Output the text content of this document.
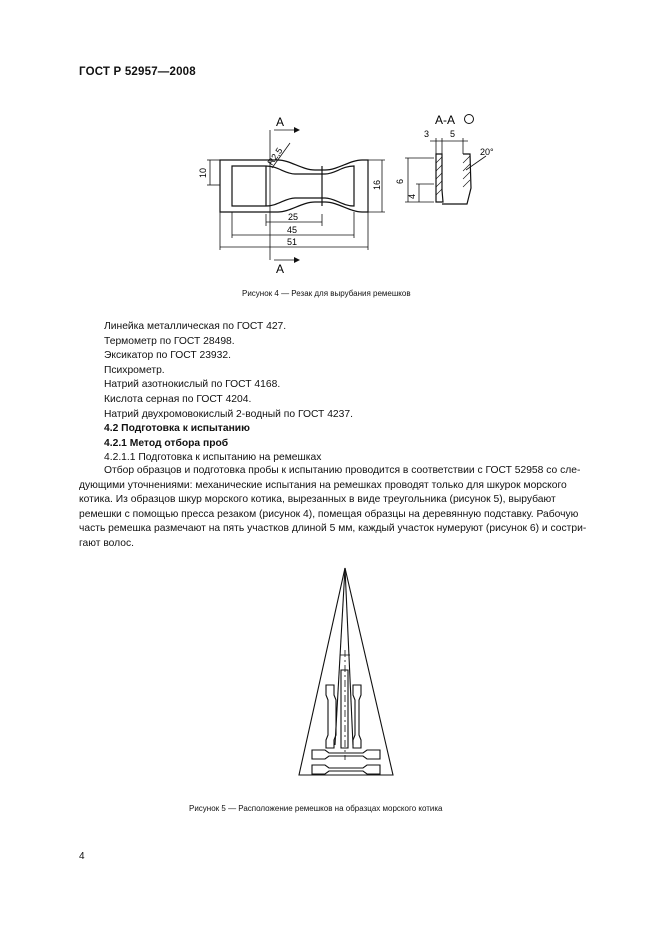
ГОСТ Р 52957—2008
А
А
R2,5
10
16
25
45
51
А-А
3 5
6
4
20°
Рисунок 4 — Резак для вырубания ремешков
Линейка металлическая по ГОСТ 427.
Термометр по ГОСТ 28498.
Эксикатор по ГОСТ 23932.
Психрометр.
Натрий азотнокислый по ГОСТ 4168.
Кислота серная по ГОСТ 4204.
Натрий двухромовокислый 2-водный по ГОСТ 4237.
4.2 Подготовка к испытанию
4.2.1 Метод отбора проб
4.2.1.1 Подготовка к испытанию на ремешках
Отбор образцов и подготовка пробы к испытанию проводится в соответствии с ГОСТ 52958 со сле-
дующими уточнениями: механические испытания на ремешках проводят только для шкурок морского
котика. Из образцов шкур морского котика, вырезанных в виде треугольника (рисунок 5), вырубают
ремешки с помощью пресса резаком (рисунок 4), помещая образцы на деревянную подставку. Рабочую
часть ремешка размечают на пять участков длиной 5 мм, каждый участок нумеруют (рисунок 6) и состри-
гают волос.
Рисунок 5 — Расположение ремешков на образцах морского котика
4
